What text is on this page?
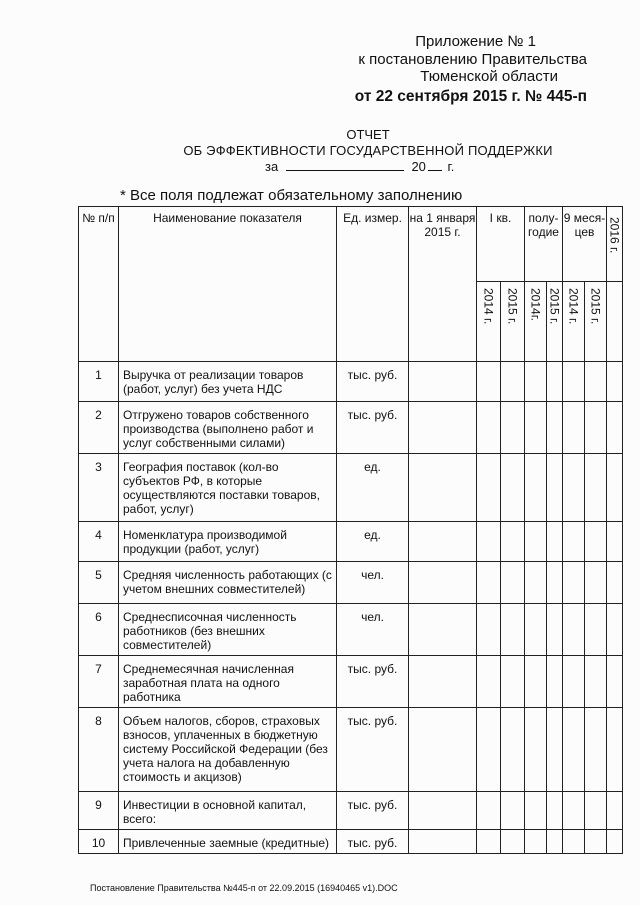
Приложение № 1
к постановлению Правительства
Тюменской области
от 22 сентября 2015 г. № 445-п
ОТЧЕТ
ОБ ЭФФЕКТИВНОСТИ ГОСУДАРСТВЕННОЙ ПОДДЕРЖКИ
за	20 г.
* Все поля подлежат обязательному заполнению
№ п/п	Наименование показателя	Ед. измер.	на 1 января 2015 г.	I кв.		полу-годие		9 меся-цев		2016 г.

				2014 г.	2015 г.	2014г.	2015 г.	2014 г.	2015 г.	

1	Выручка от реализации товаров (работ, услуг) без учета НДС	тыс. руб.								
2	Отгружено товаров собственного производства (выполнено работ и услуг собственными силами)	тыс. руб.								
3	География поставок (кол-во субъектов РФ, в которые осуществляются поставки товаров, работ, услуг)	ед.								
4	Номенклатура производимой продукции (работ, услуг)	ед.								
5	Средняя численность работающих (с учетом внешних совместителей)	чел.								
6	Среднесписочная численность работников (без внешних совместителей)	чел.								
7	Среднемесячная начисленная заработная плата на одного работника	тыс. руб.								
8	Объем налогов, сборов, страховых взносов, уплаченных в бюджетную систему Российской Федерации (без учета налога на добавленную стоимость и акцизов)	тыс. руб.								
9	Инвестиции в основной капитал, всего:	тыс. руб.								
10	Привлеченные заемные (кредитные)	тыс. руб.								
Постановление Правительства №445-п от 22.09.2015 (16940465 v1).DOC
